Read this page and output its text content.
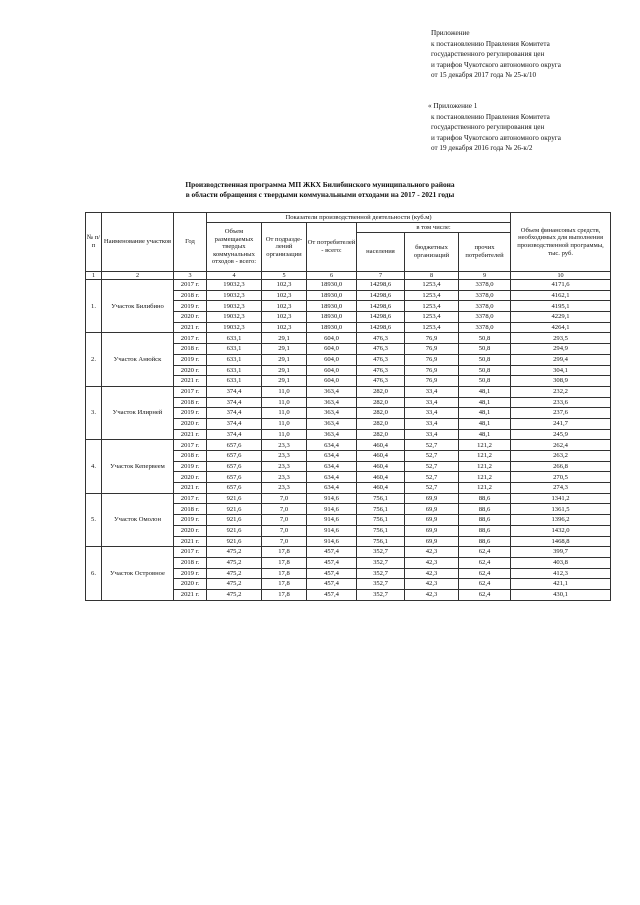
Приложение
к постановлению Правления Комитета
государственного регулирования цен
и тарифов Чукотского автономного округа
от 15 декабря 2017 года № 25-к/10
« Приложение 1
к постановлению Правления Комитета
государственного регулирования цен
и тарифов Чукотского автономного округа
от 19 декабря 2016 года № 26-к/2
Производственная программа МП ЖКХ Билибинского муниципального района
в области обращения с твердыми коммунальными отходами на 2017 - 2021 годы
№ п/п	Наименование участков	Год	Показатели производственной деятельности (куб.м)						Объем финансовых средств, необходимых для выполнения производственной программы, тыс. руб.
			Объем размещаемых твердых коммунальных отходов - всего:	От подразде-лений организации	От потребителей - всего:	в том числе:			
						населения	бюджетных организаций	прочих потребителей	
1	2	3	4	5	6	7	8	9	10
1.	Участок Билибино	2017 г.	19032,3	102,3	18930,0	14298,6	1253,4	3378,0	4171,6
		2018 г.	19032,3	102,3	18930,0	14298,6	1253,4	3378,0	4162,1
		2019 г.	19032,3	102,3	18930,0	14298,6	1253,4	3378,0	4195,1
		2020 г.	19032,3	102,3	18930,0	14298,6	1253,4	3378,0	4229,1
		2021 г.	19032,3	102,3	18930,0	14298,6	1253,4	3378,0	4264,1
2.	Участок Анюйск	2017 г.	633,1	29,1	604,0	476,3	76,9	50,8	293,5
		2018 г.	633,1	29,1	604,0	476,3	76,9	50,8	294,9
		2019 г.	633,1	29,1	604,0	476,3	76,9	50,8	299,4
		2020 г.	633,1	29,1	604,0	476,3	76,9	50,8	304,1
		2021 г.	633,1	29,1	604,0	476,3	76,9	50,8	308,9
3.	Участок Илирней	2017 г.	374,4	11,0	363,4	282,0	33,4	48,1	232,2
		2018 г.	374,4	11,0	363,4	282,0	33,4	48,1	233,6
		2019 г.	374,4	11,0	363,4	282,0	33,4	48,1	237,6
		2020 г.	374,4	11,0	363,4	282,0	33,4	48,1	241,7
		2021 г.	374,4	11,0	363,4	282,0	33,4	48,1	245,9
4.	Участок Кепервеем	2017 г.	657,6	23,3	634,4	460,4	52,7	121,2	262,4
		2018 г.	657,6	23,3	634,4	460,4	52,7	121,2	263,2
		2019 г.	657,6	23,3	634,4	460,4	52,7	121,2	266,8
		2020 г.	657,6	23,3	634,4	460,4	52,7	121,2	270,5
		2021 г.	657,6	23,3	634,4	460,4	52,7	121,2	274,3
5.	Участок Омолон	2017 г.	921,6	7,0	914,6	756,1	69,9	88,6	1341,2
		2018 г.	921,6	7,0	914,6	756,1	69,9	88,6	1361,5
		2019 г.	921,6	7,0	914,6	756,1	69,9	88,6	1396,2
		2020 г.	921,6	7,0	914,6	756,1	69,9	88,6	1432,0
		2021 г.	921,6	7,0	914,6	756,1	69,9	88,6	1468,8
6.	Участок Островное	2017 г.	475,2	17,8	457,4	352,7	42,3	62,4	399,7
		2018 г.	475,2	17,8	457,4	352,7	42,3	62,4	403,8
		2019 г.	475,2	17,8	457,4	352,7	42,3	62,4	412,3
		2020 г.	475,2	17,8	457,4	352,7	42,3	62,4	421,1
		2021 г.	475,2	17,8	457,4	352,7	42,3	62,4	430,1
